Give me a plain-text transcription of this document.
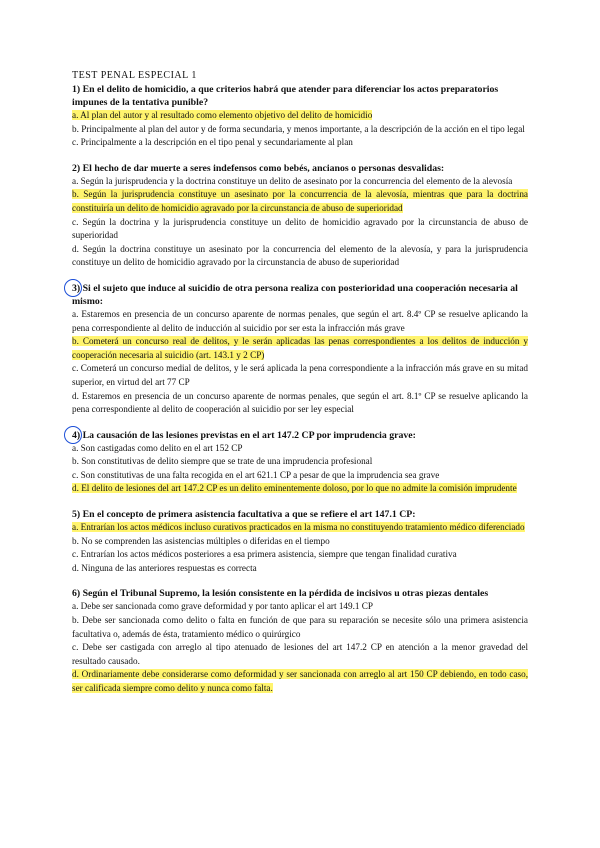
TEST PENAL ESPECIAL 1

1) En el delito de homicidio, a que criterios habrá que atender para diferenciar los actos preparatorios impunes de la tentativa punible?

a. Al plan del autor y al resultado como elemento objetivo del delito de homicidio

b. Principalmente al plan del autor y de forma secundaria, y menos importante, a la descripción de la acción en el tipo legal

c. Principalmente a la descripción en el tipo penal y secundariamente al plan

2) El hecho de dar muerte a seres indefensos como bebés, ancianos o personas desvalidas:

a. Según la jurisprudencia y la doctrina constituye un delito de asesinato por la concurrencia del elemento de la alevosía

b. Según la jurisprudencia constituye un asesinato por la concurrencia de la alevosía, mientras que para la doctrina constituiría un delito de homicidio agravado por la circunstancia de abuso de superioridad

c. Según la doctrina y la jurisprudencia constituye un delito de homicidio agravado por la circunstancia de abuso de superioridad

d. Según la doctrina constituye un asesinato por la concurrencia del elemento de la alevosía, y para la jurisprudencia constituye un delito de homicidio agravado por la circunstancia de abuso de superioridad

3) Si el sujeto que induce al suicidio de otra persona realiza con posterioridad una cooperación necesaria al mismo:

a. Estaremos en presencia de un concurso aparente de normas penales, que según el art. 8.4º CP se resuelve aplicando la pena correspondiente al delito de inducción al suicidio por ser esta la infracción más grave

b. Cometerá un concurso real de delitos, y le serán aplicadas las penas correspondientes a los delitos de inducción y cooperación necesaria al suicidio (art. 143.1 y 2 CP)

c. Cometerá un concurso medial de delitos, y le será aplicada la pena correspondiente a la infracción más grave en su mitad superior, en virtud del art 77 CP

d. Estaremos en presencia de un concurso aparente de normas penales, que según el art. 8.1º CP se resuelve aplicando la pena correspondiente al delito de cooperación al suicidio por ser ley especial

4) La causación de las lesiones previstas en el art 147.2 CP por imprudencia grave:

a. Son castigadas como delito en el art 152 CP

b. Son constitutivas de delito siempre que se trate de una imprudencia profesional

c. Son constitutivas de una falta recogida en el art 621.1 CP a pesar de que la imprudencia sea grave

d. El delito de lesiones del art 147.2 CP es un delito eminentemente doloso, por lo que no admite la comisión imprudente

5) En el concepto de primera asistencia facultativa a que se refiere el art 147.1 CP:

a. Entrarían los actos médicos incluso curativos practicados en la misma no constituyendo tratamiento médico diferenciado

b. No se comprenden las asistencias múltiples o diferidas en el tiempo

c. Entrarían los actos médicos posteriores a esa primera asistencia, siempre que tengan finalidad curativa

d. Ninguna de las anteriores respuestas es correcta

6) Según el Tribunal Supremo, la lesión consistente en la pérdida de incisivos u otras piezas dentales

a. Debe ser sancionada como grave deformidad y por tanto aplicar el art 149.1 CP

b. Debe ser sancionada como delito o falta en función de que para su reparación se necesite sólo una primera asistencia facultativa o, además de ésta, tratamiento médico o quirúrgico

c. Debe ser castigada con arreglo al tipo atenuado de lesiones del art 147.2 CP en atención a la menor gravedad del resultado causado.

d. Ordinariamente debe considerarse como deformidad y ser sancionada con arreglo al art 150 CP debiendo, en todo caso, ser calificada siempre como delito y nunca como falta.
